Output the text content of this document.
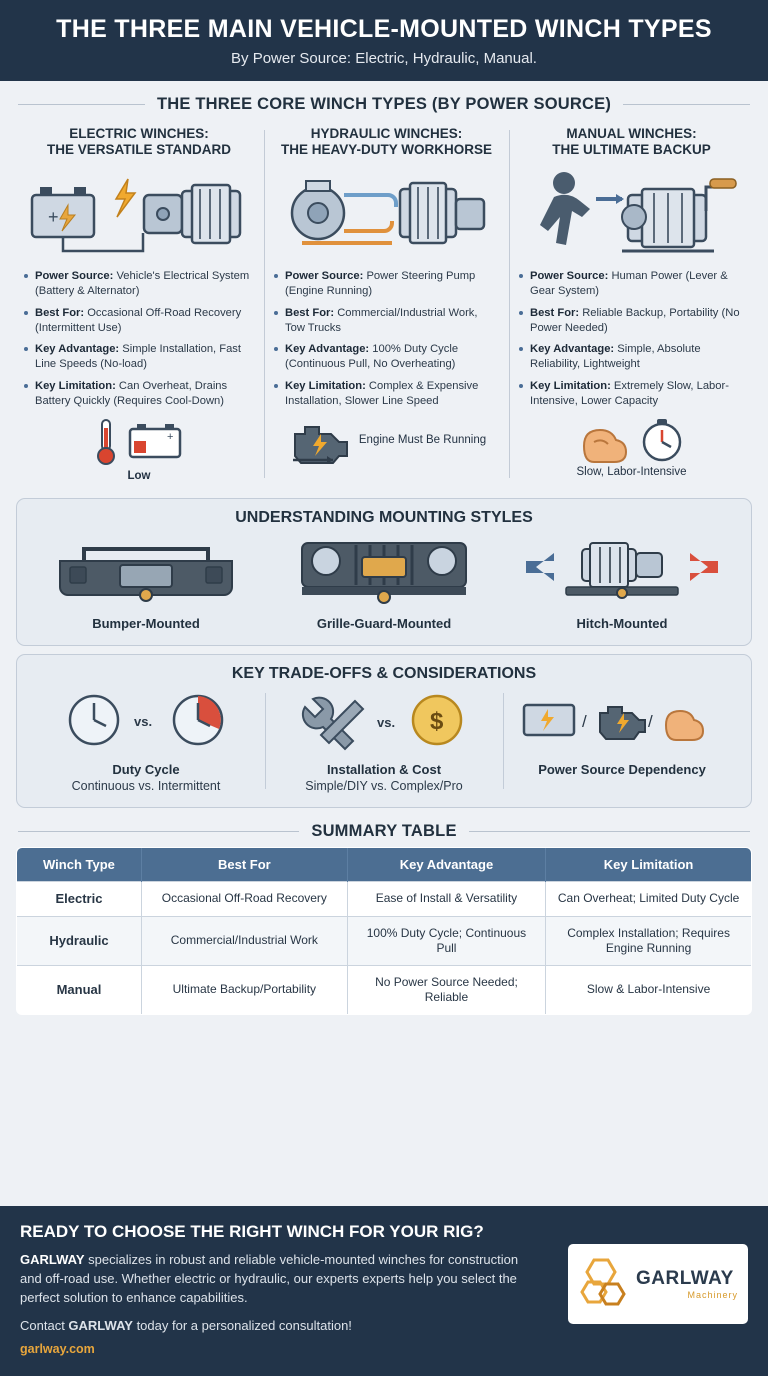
THE THREE MAIN VEHICLE-MOUNTED WINCH TYPES
By Power Source: Electric, Hydraulic, Manual.
THE THREE CORE WINCH TYPES (BY POWER SOURCE)
ELECTRIC WINCHES:
THE VERSATILE STANDARD
+
Power Source: Vehicle's Electrical System (Battery & Alternator)
Best For: Occasional Off-Road Recovery (Intermittent Use)
Key Advantage: Simple Installation, Fast Line Speeds (No-load)
Key Limitation: Can Overheat, Drains Battery Quickly (Requires Cool-Down)
+
Low
HYDRAULIC WINCHES:
THE HEAVY-DUTY WORKHORSE
Power Source: Power Steering Pump (Engine Running)
Best For: Commercial/Industrial Work, Tow Trucks
Key Advantage: 100% Duty Cycle (Continuous Pull, No Overheating)
Key Limitation: Complex & Expensive Installation, Slower Line Speed
Engine Must Be Running
MANUAL WINCHES:
THE ULTIMATE BACKUP
Power Source: Human Power (Lever & Gear System)
Best For: Reliable Backup, Portability (No Power Needed)
Key Advantage: Simple, Absolute Reliability, Lightweight
Key Limitation: Extremely Slow, Labor-Intensive, Lower Capacity
Slow, Labor-Intensive
UNDERSTANDING MOUNTING STYLES
Bumper-Mounted	Grille-Guard-Mounted	Hitch-Mounted
KEY TRADE-OFFS & CONSIDERATIONS
vs.
Duty Cycle
Continuous vs. Intermittent
vs. $
Installation & Cost
Simple/DIY vs. Complex/Pro
/	/
Power Source Dependency
SUMMARY TABLE
Winch Type	Best For	Key Advantage	Key Limitation
Electric	Occasional Off-Road Recovery	Ease of Install & Versatility	Can Overheat; Limited Duty Cycle
Hydraulic	Commercial/Industrial Work	100% Duty Cycle; Continuous Pull	Complex Installation; Requires Engine Running
Manual	Ultimate Backup/Portability	No Power Source Needed; Reliable	Slow & Labor-Intensive
READY TO CHOOSE THE RIGHT WINCH FOR YOUR RIG?

GARLWAY specializes in robust and reliable vehicle-mounted winches for construction and off-road use. Whether electric or hydraulic, our experts experts help you select the perfect solution to enhance capabilities.

Contact GARLWAY today for a personalized consultation!
garlway.com
GARLWAY
Machinery
